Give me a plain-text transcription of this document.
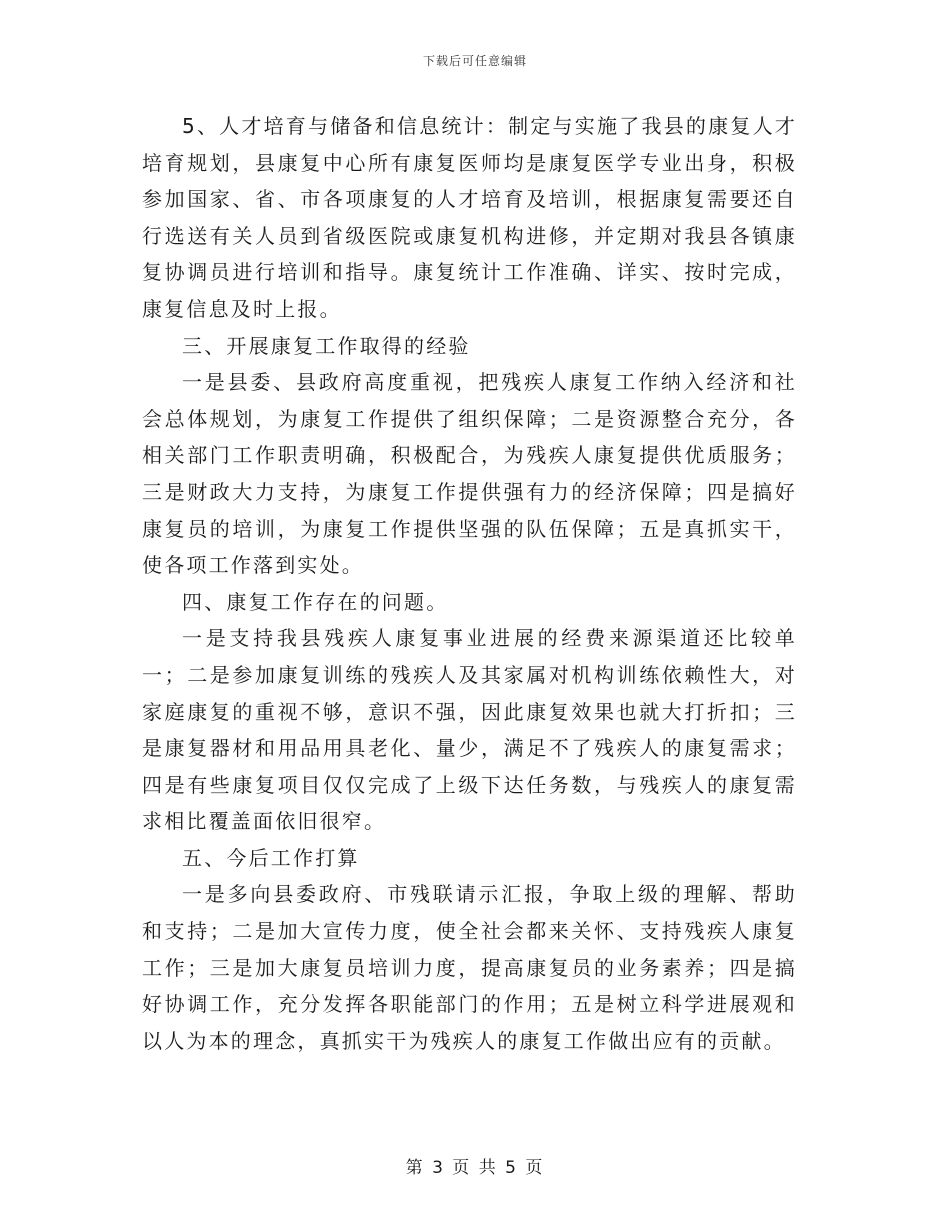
下载后可任意编辑

5、人才培育与储备和信息统计：制定与实施了我县的康复人才培育规划，县康复中心所有康复医师均是康复医学专业出身，积极参加国家、省、市各项康复的人才培育及培训，根据康复需要还自行选送有关人员到省级医院或康复机构进修，并定期对我县各镇康复协调员进行培训和指导。康复统计工作准确、详实、按时完成，康复信息及时上报。

三、开展康复工作取得的经验

一是县委、县政府高度重视，把残疾人康复工作纳入经济和社会总体规划，为康复工作提供了组织保障；二是资源整合充分，各相关部门工作职责明确，积极配合，为残疾人康复提供优质服务；三是财政大力支持，为康复工作提供强有力的经济保障；四是搞好康复员的培训，为康复工作提供坚强的队伍保障；五是真抓实干，使各项工作落到实处。

四、康复工作存在的问题。

一是支持我县残疾人康复事业进展的经费来源渠道还比较单一；二是参加康复训练的残疾人及其家属对机构训练依赖性大，对家庭康复的重视不够，意识不强，因此康复效果也就大打折扣；三是康复器材和用品用具老化、量少，满足不了残疾人的康复需求；四是有些康复项目仅仅完成了上级下达任务数，与残疾人的康复需求相比覆盖面依旧很窄。

五、今后工作打算

一是多向县委政府、市残联请示汇报，争取上级的理解、帮助和支持；二是加大宣传力度，使全社会都来关怀、支持残疾人康复工作；三是加大康复员培训力度，提高康复员的业务素养；四是搞好协调工作，充分发挥各职能部门的作用；五是树立科学进展观和以人为本的理念，真抓实干为残疾人的康复工作做出应有的贡献。

第 3 页 共 5 页
